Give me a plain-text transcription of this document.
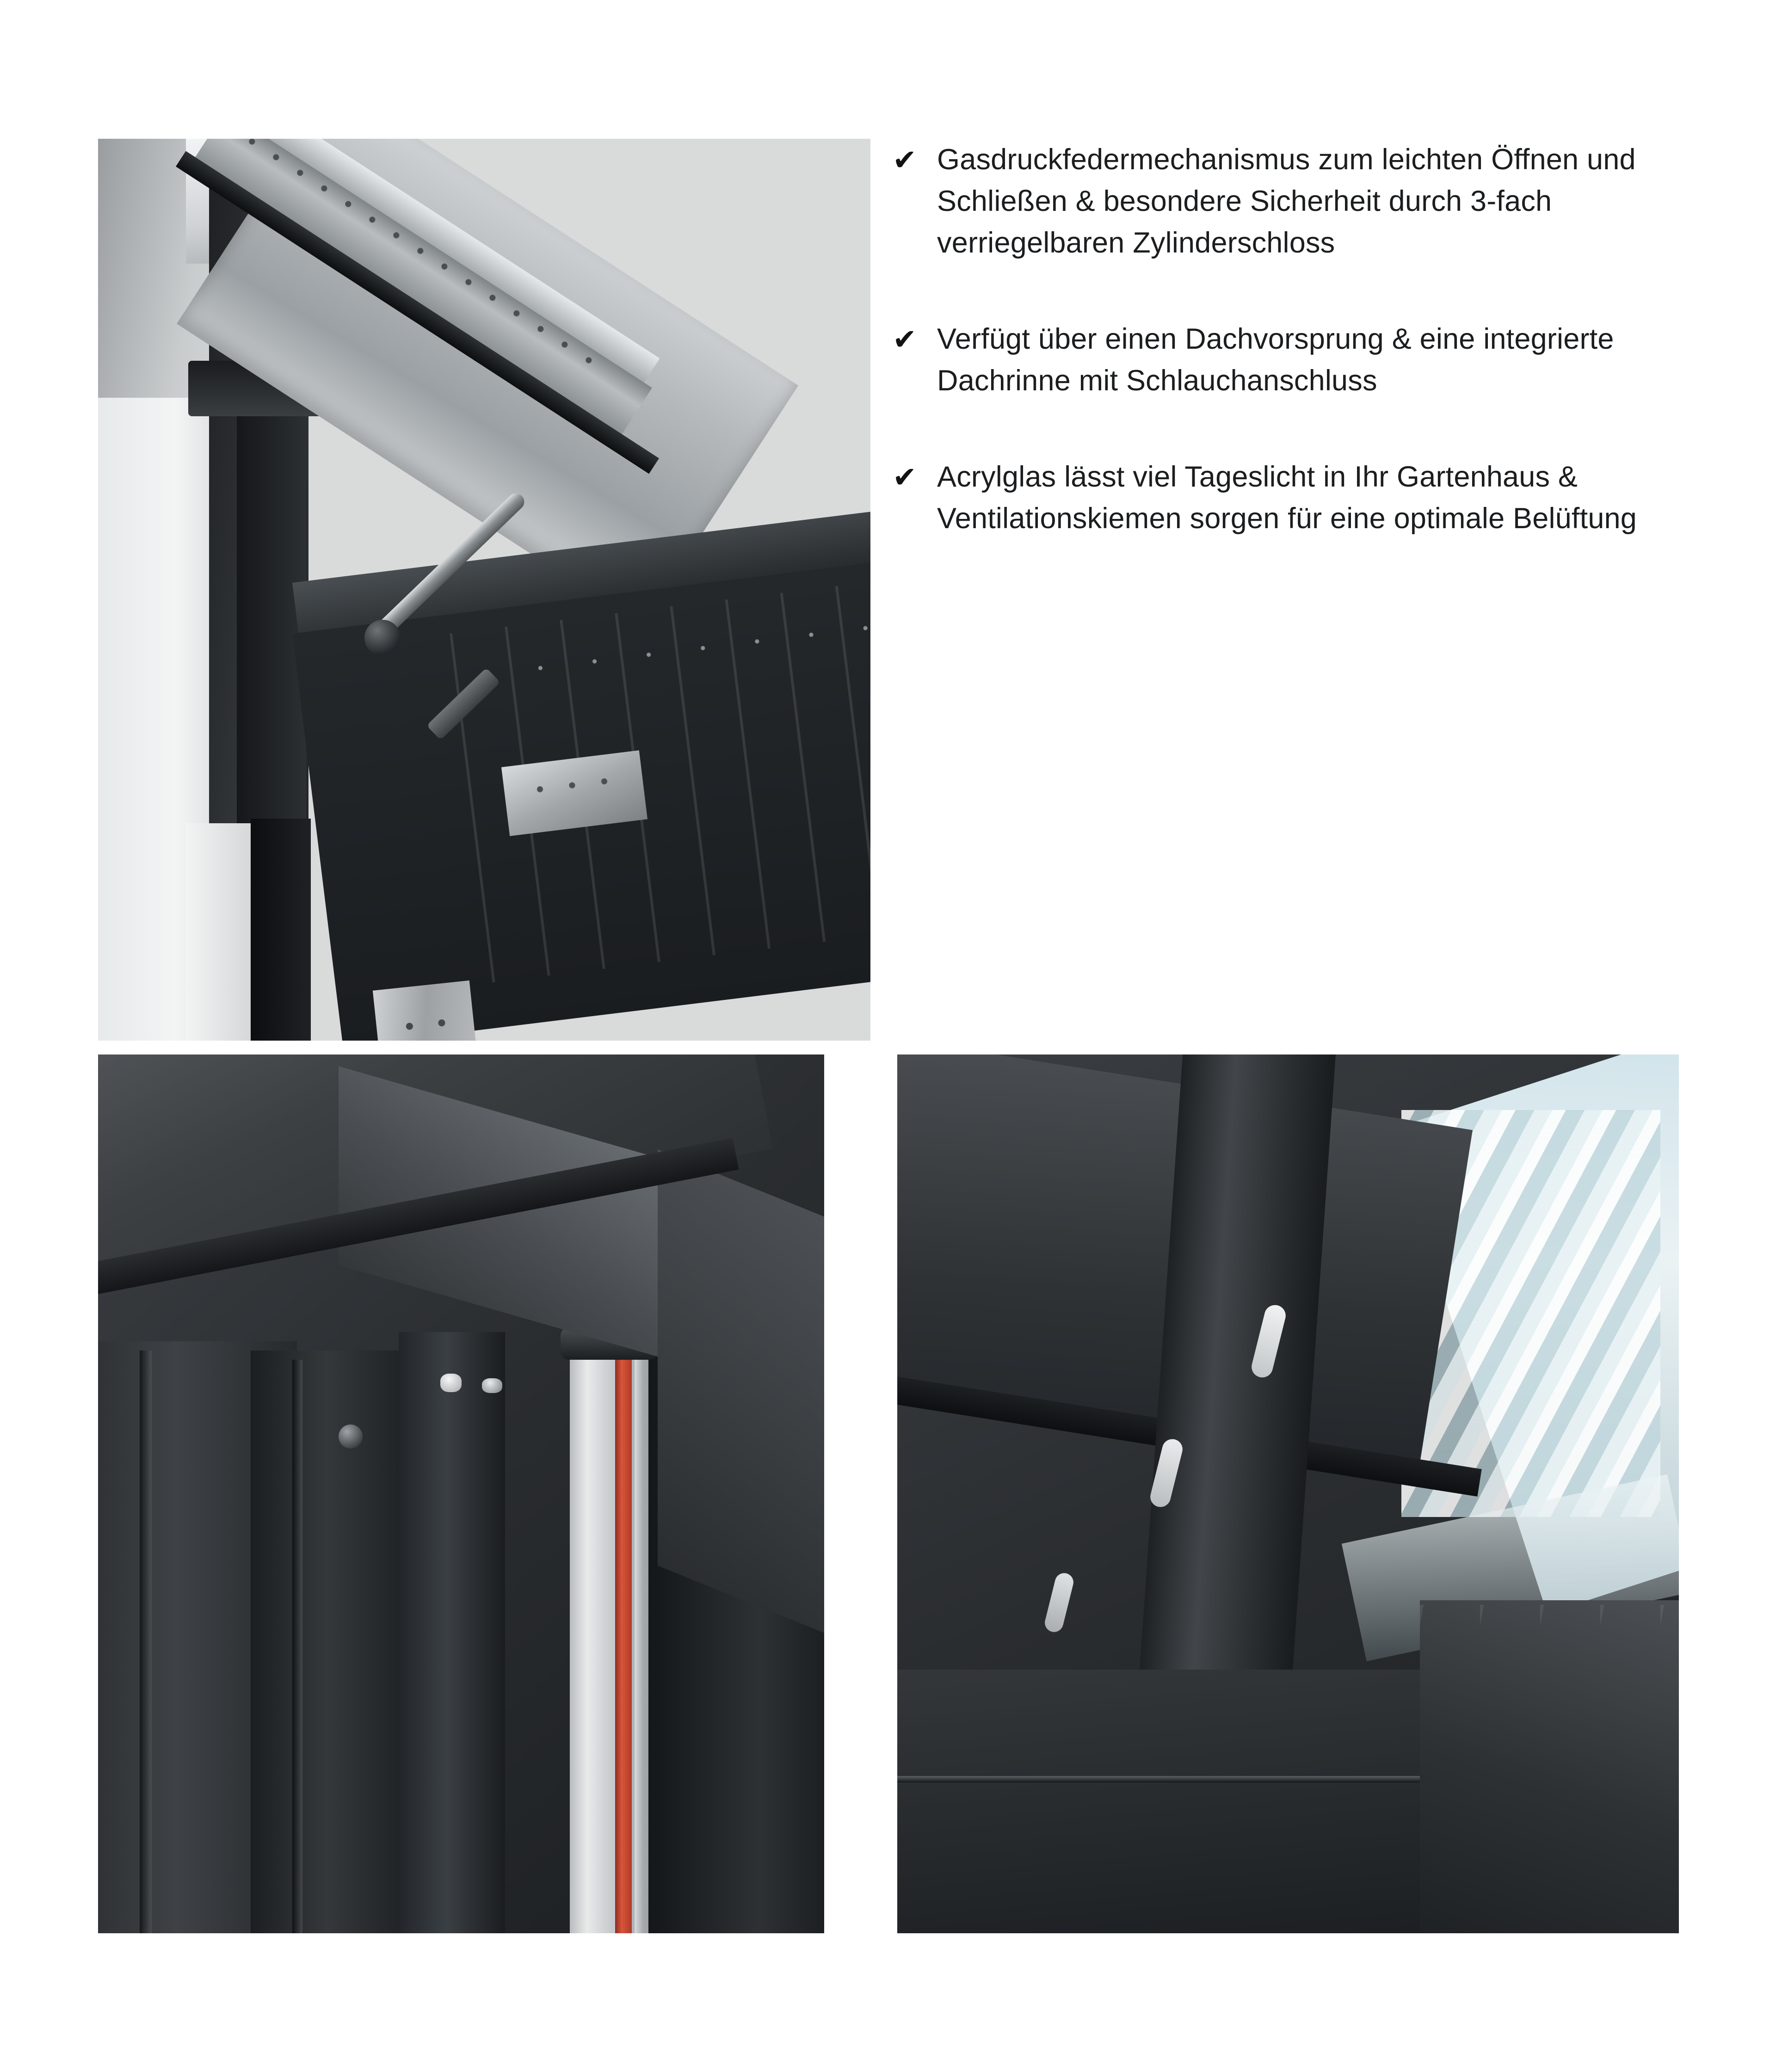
✔ Gasdruckfedermechanismus zum leichten Öffnen und Schließen & besondere Sicherheit durch 3-fach verriegelbaren Zylinderschloss
✔ Verfügt über einen Dachvorsprung & eine integrierte Dachrinne mit Schlauchanschluss
✔ Acrylglas lässt viel Tageslicht in Ihr Gartenhaus & Ventilationskiemen sorgen für eine optimale Belüftung
